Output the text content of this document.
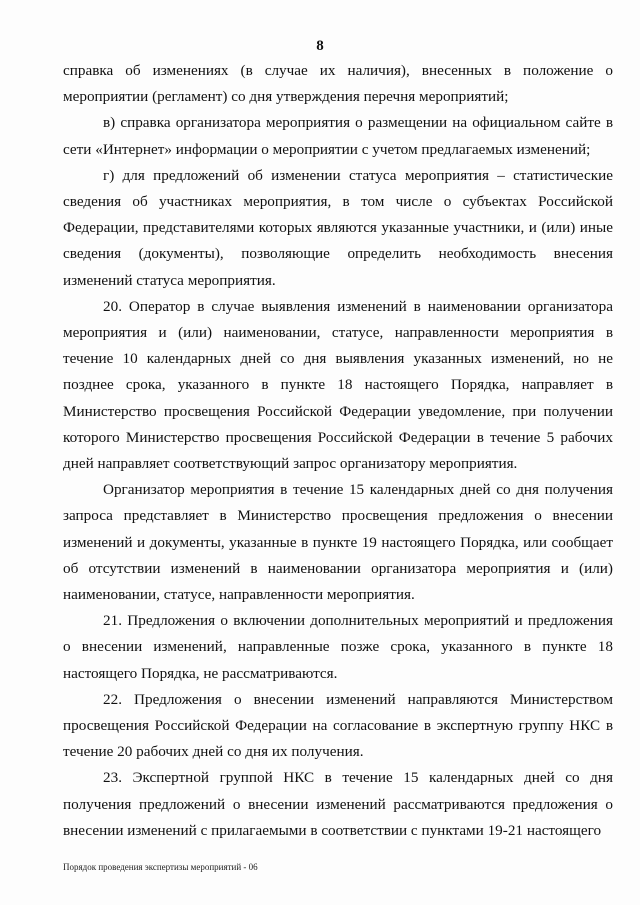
8

справка об изменениях (в случае их наличия), внесенных в положение о мероприятии (регламент) со дня утверждения перечня мероприятий;

в) справка организатора мероприятия о размещении на официальном сайте в сети «Интернет» информации о мероприятии с учетом предлагаемых изменений;

г) для предложений об изменении статуса мероприятия – статистические сведения об участниках мероприятия, в том числе о субъектах Российской Федерации, представителями которых являются указанные участники, и (или) иные сведения (документы), позволяющие определить необходимость внесения изменений статуса мероприятия.

20. Оператор в случае выявления изменений в наименовании организатора мероприятия и (или) наименовании, статусе, направленности мероприятия в течение 10 календарных дней со дня выявления указанных изменений, но не позднее срока, указанного в пункте 18 настоящего Порядка, направляет в Министерство просвещения Российской Федерации уведомление, при получении которого Министерство просвещения Российской Федерации в течение 5 рабочих дней направляет соответствующий запрос организатору мероприятия.

Организатор мероприятия в течение 15 календарных дней со дня получения запроса представляет в Министерство просвещения предложения о внесении изменений и документы, указанные в пункте 19 настоящего Порядка, или сообщает об отсутствии изменений в наименовании организатора мероприятия и (или) наименовании, статусе, направленности мероприятия.

21. Предложения о включении дополнительных мероприятий и предложения о внесении изменений, направленные позже срока, указанного в пункте 18 настоящего Порядка, не рассматриваются.

22. Предложения о внесении изменений направляются Министерством просвещения Российской Федерации на согласование в экспертную группу НКС в течение 20 рабочих дней со дня их получения.

23. Экспертной группой НКС в течение 15 календарных дней со дня получения предложений о внесении изменений рассматриваются предложения о внесении изменений с прилагаемыми в соответствии с пунктами 19-21 настоящего

Порядок проведения экспертизы мероприятий - 06
